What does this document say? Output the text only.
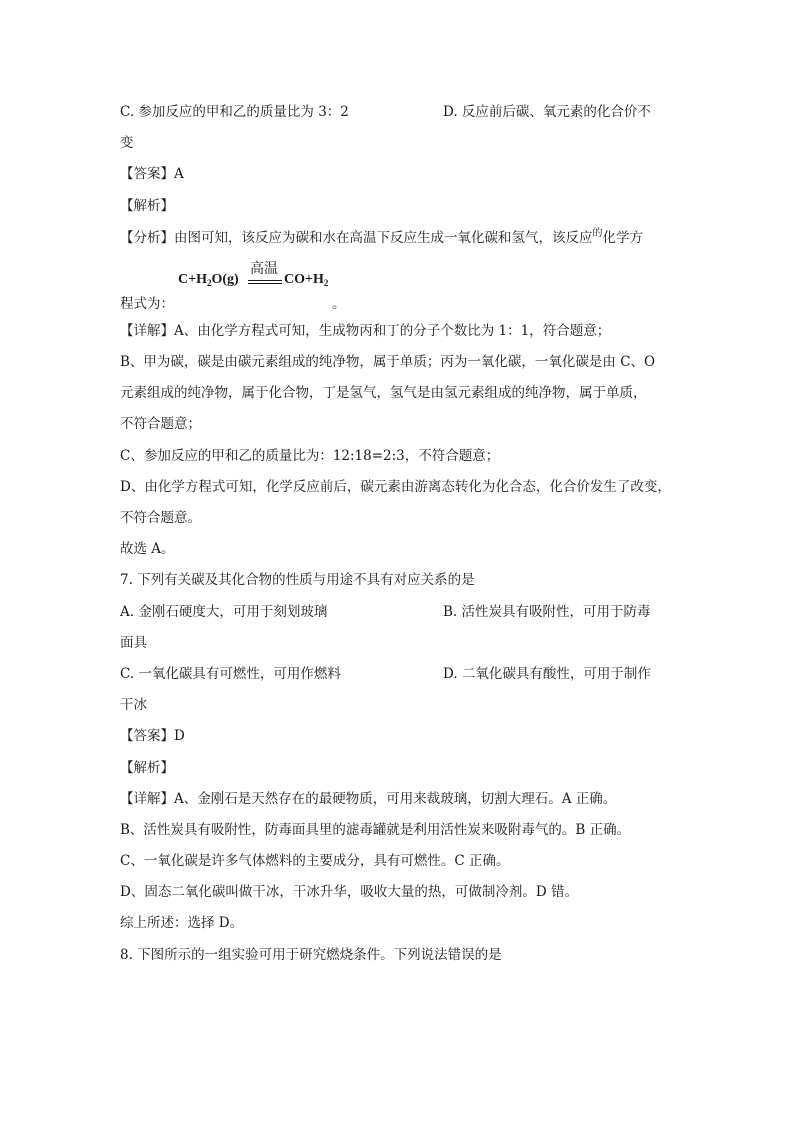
C. 参加反应的甲和乙的质量比为 3：2	D. 反应前后碳、氧元素的化合价不
变
【答案】A
【解析】
【分析】由图可知，该反应为碳和水在高温下反应生成一氧化碳和氢气，该反应$^的$化学方
$C+H_2O(g)$
高温
$CO+H_2$
程式为：	。
【详解】A、由化学方程式可知，生成物丙和丁的分子个数比为 1：1，符合题意；
B、甲为碳，碳是由碳元素组成的纯净物，属于单质；丙为一氧化碳，一氧化碳是由 C、O
元素组成的纯净物，属于化合物，丁是氢气，氢气是由氢元素组成的纯净物，属于单质，
不符合题意；
C、参加反应的甲和乙的质量比为：12:18=2:3，不符合题意；
D、由化学方程式可知，化学反应前后，碳元素由游离态转化为化合态，化合价发生了改变，
不符合题意。
故选 A。
7. 下列有关碳及其化合物的性质与用途不具有对应关系的是
A. 金刚石硬度大，可用于刻划玻璃	B. 活性炭具有吸附性，可用于防毒
面具
C. 一氧化碳具有可燃性，可用作燃料	D. 二氧化碳具有酸性，可用于制作
干冰
【答案】D
【解析】
【详解】A、金刚石是天然存在的最硬物质，可用来裁玻璃，切割大理石。A 正确。
B、活性炭具有吸附性，防毒面具里的滤毒罐就是利用活性炭来吸附毒气的。B 正确。
C、一氧化碳是许多气体燃料的主要成分，具有可燃性。C 正确。
D、固态二氧化碳叫做干冰，干冰升华，吸收大量的热，可做制冷剂。D 错。
综上所述：选择 D。
8. 下图所示的一组实验可用于研究燃烧条件。下列说法错误的是
